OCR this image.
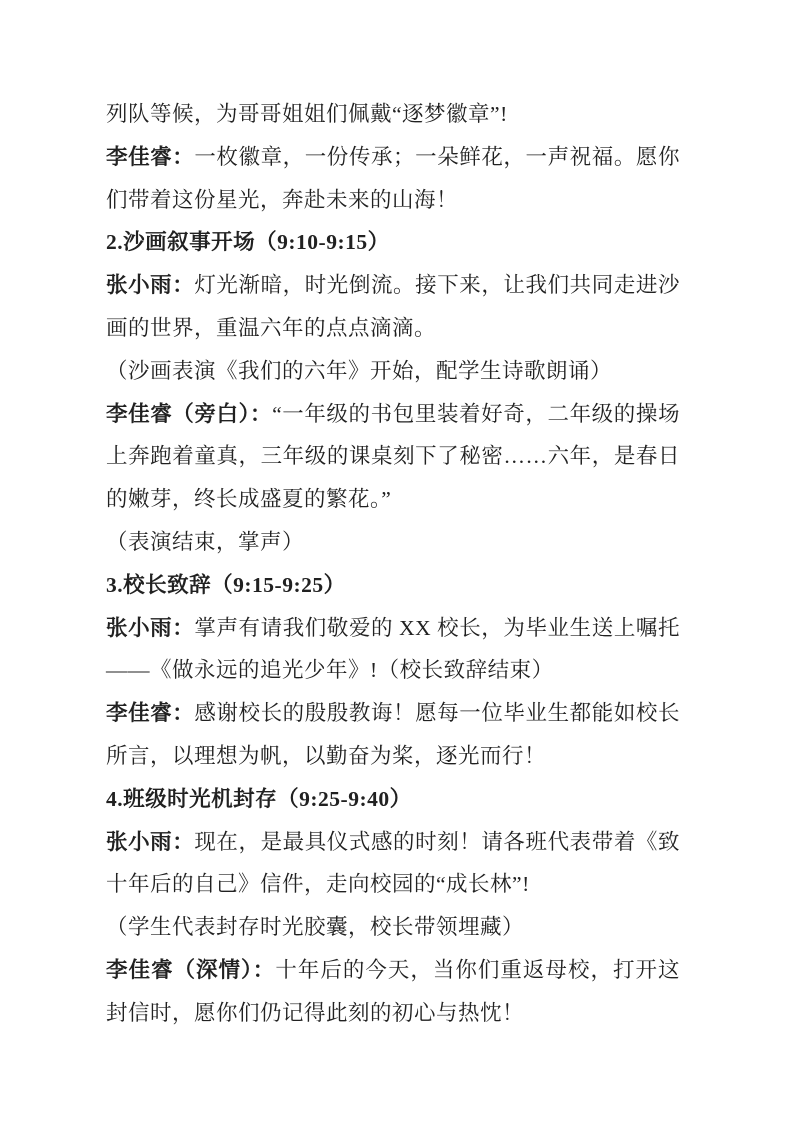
列队等候，为哥哥姐姐们佩戴“逐梦徽章”!

李佳睿：一枚徽章，一份传承；一朵鲜花，一声祝福。愿你们带着这份星光，奔赴未来的山海！

2.沙画叙事开场（9:10-9:15）

张小雨：灯光渐暗，时光倒流。接下来，让我们共同走进沙画的世界，重温六年的点点滴滴。

（沙画表演《我们的六年》开始，配学生诗歌朗诵）

李佳睿（旁白）：“一年级的书包里装着好奇，二年级的操场上奔跑着童真，三年级的课桌刻下了秘密……六年，是春日的嫩芽，终长成盛夏的繁花。”

（表演结束，掌声）

3.校长致辞（9:15-9:25）

张小雨：掌声有请我们敬爱的 XX 校长，为毕业生送上嘱托——《做永远的追光少年》!（校长致辞结束）

李佳睿：感谢校长的殷殷教诲！愿每一位毕业生都能如校长所言，以理想为帆，以勤奋为桨，逐光而行！

4.班级时光机封存（9:25-9:40）

张小雨：现在，是最具仪式感的时刻！请各班代表带着《致十年后的自己》信件，走向校园的“成长林”!

（学生代表封存时光胶囊，校长带领埋藏）

李佳睿（深情）：十年后的今天，当你们重返母校，打开这封信时，愿你们仍记得此刻的初心与热忱！
